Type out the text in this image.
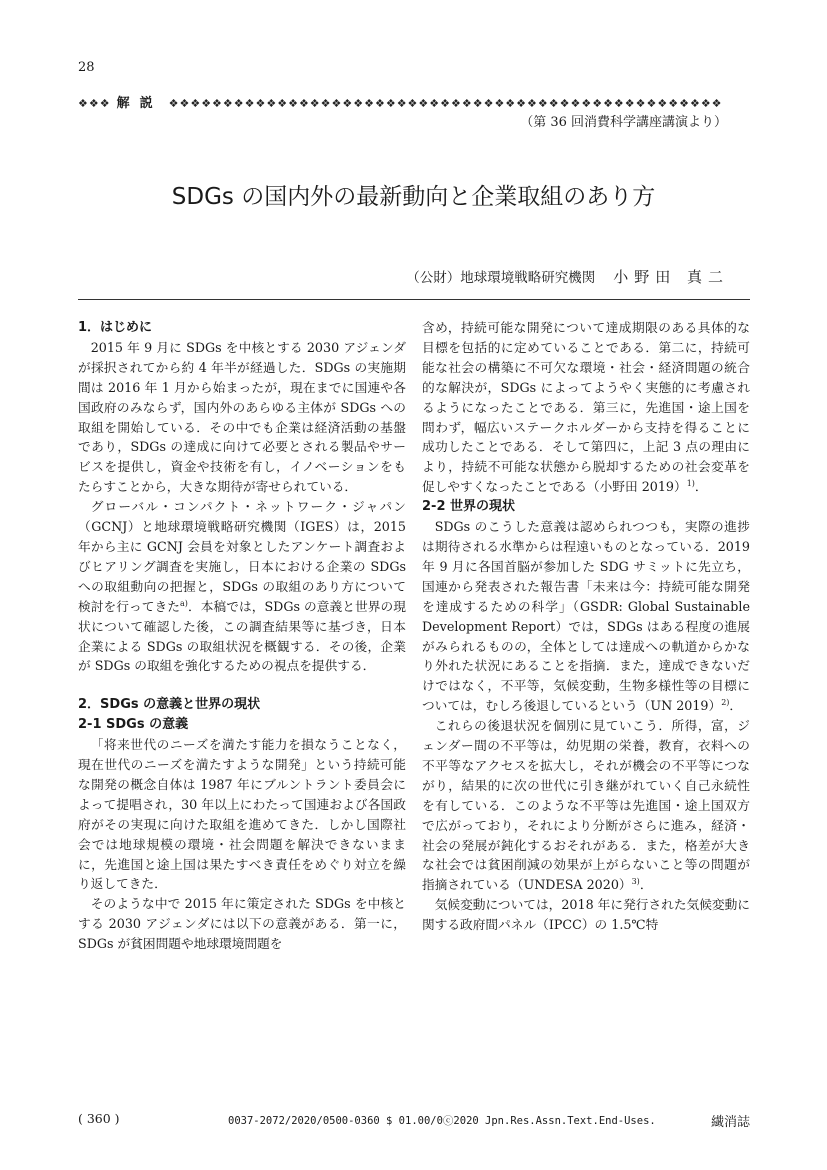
28
❖❖❖ 解説 ❖❖❖❖❖❖❖❖❖❖❖❖❖❖❖❖❖❖❖❖❖❖❖❖❖❖❖❖❖❖❖❖❖❖❖❖❖❖❖❖❖❖❖❖❖❖❖❖❖❖❖
（第 36 回消費科学講座講演より）
SDGs の国内外の最新動向と企業取組のあり方
（公財）地球環境戦略研究機関 小野田 真二
1．はじめに

2015 年 9 月に SDGs を中核とする 2030 アジェンダが採択されてから約 4 年半が経過した．SDGs の実施期間は 2016 年 1 月から始まったが，現在までに国連や各国政府のみならず，国内外のあらゆる主体が SDGs への取組を開始している．その中でも企業は経済活動の基盤であり，SDGs の達成に向けて必要とされる製品やサービスを提供し，資金や技術を有し，イノベーションをもたらすことから，大きな期待が寄せられている．

グローバル・コンパクト・ネットワーク・ジャパン（GCNJ）と地球環境戦略研究機関（IGES）は，2015 年から主に GCNJ 会員を対象としたアンケート調査およびヒアリング調査を実施し，日本における企業の SDGs への取組動向の把握と，SDGs の取組のあり方について検討を行ってきた$^{a)}$．本稿では，SDGs の意義と世界の現状について確認した後，この調査結果等に基づき，日本企業による SDGs の取組状況を概観する．その後，企業が SDGs の取組を強化するための視点を提供する．

2．SDGs の意義と世界の現状
2-1 SDGs の意義

「将来世代のニーズを満たす能力を損なうことなく，現在世代のニーズを満たすような開発」という持続可能な開発の概念自体は 1987 年にブルントラント委員会によって提唱され，30 年以上にわたって国連および各国政府がその実現に向けた取組を進めてきた．しかし国際社会では地球規模の環境・社会問題を解決できないままに，先進国と途上国は果たすべき責任をめぐり対立を繰り返してきた．

そのような中で 2015 年に策定された SDGs を中核とする 2030 アジェンダには以下の意義がある．第一に，SDGs が貧困問題や地球環境問題を

含め，持続可能な開発について達成期限のある具体的な目標を包括的に定めていることである．第二に，持続可能な社会の構築に不可欠な環境・社会・経済問題の統合的な解決が，SDGs によってようやく実態的に考慮されるようになったことである．第三に，先進国・途上国を問わず，幅広いステークホルダーから支持を得ることに成功したことである．そして第四に，上記 3 点の理由により，持続不可能な状態から脱却するための社会変革を促しやすくなったことである（小野田 2019）$^{1)}$．

2-2 世界の現状

SDGs のこうした意義は認められつつも，実際の進捗は期待される水準からは程遠いものとなっている．2019 年 9 月に各国首脳が参加した SDG サミットに先立ち，国連から発表された報告書「未来は今：持続可能な開発を達成するための科学」（GSDR: Global Sustainable Development Report）では，SDGs はある程度の進展がみられるものの，全体としては達成への軌道からかなり外れた状況にあることを指摘．また，達成できないだけではなく，不平等，気候変動，生物多様性等の目標については，むしろ後退しているという（UN 2019）$^{2)}$．

これらの後退状況を個別に見ていこう．所得，富，ジェンダー間の不平等は，幼児期の栄養，教育，衣料への不平等なアクセスを拡大し，それが機会の不平等につながり，結果的に次の世代に引き継がれていく自己永続性を有している．このような不平等は先進国・途上国双方で広がっており，それにより分断がさらに進み，経済・社会の発展が鈍化するおそれがある．また，格差が大きな社会では貧困削減の効果が上がらないこと等の問題が指摘されている（UNDESA 2020）$^{3)}$．

気候変動については，2018 年に発行された気候変動に関する政府間パネル（IPCC）の 1.5℃特

( 360 )	0037-2072/2020/0500-0360 $ 01.00/0ⓒ2020 Jpn.Res.Assn.Text.End-Uses.	繊消誌
